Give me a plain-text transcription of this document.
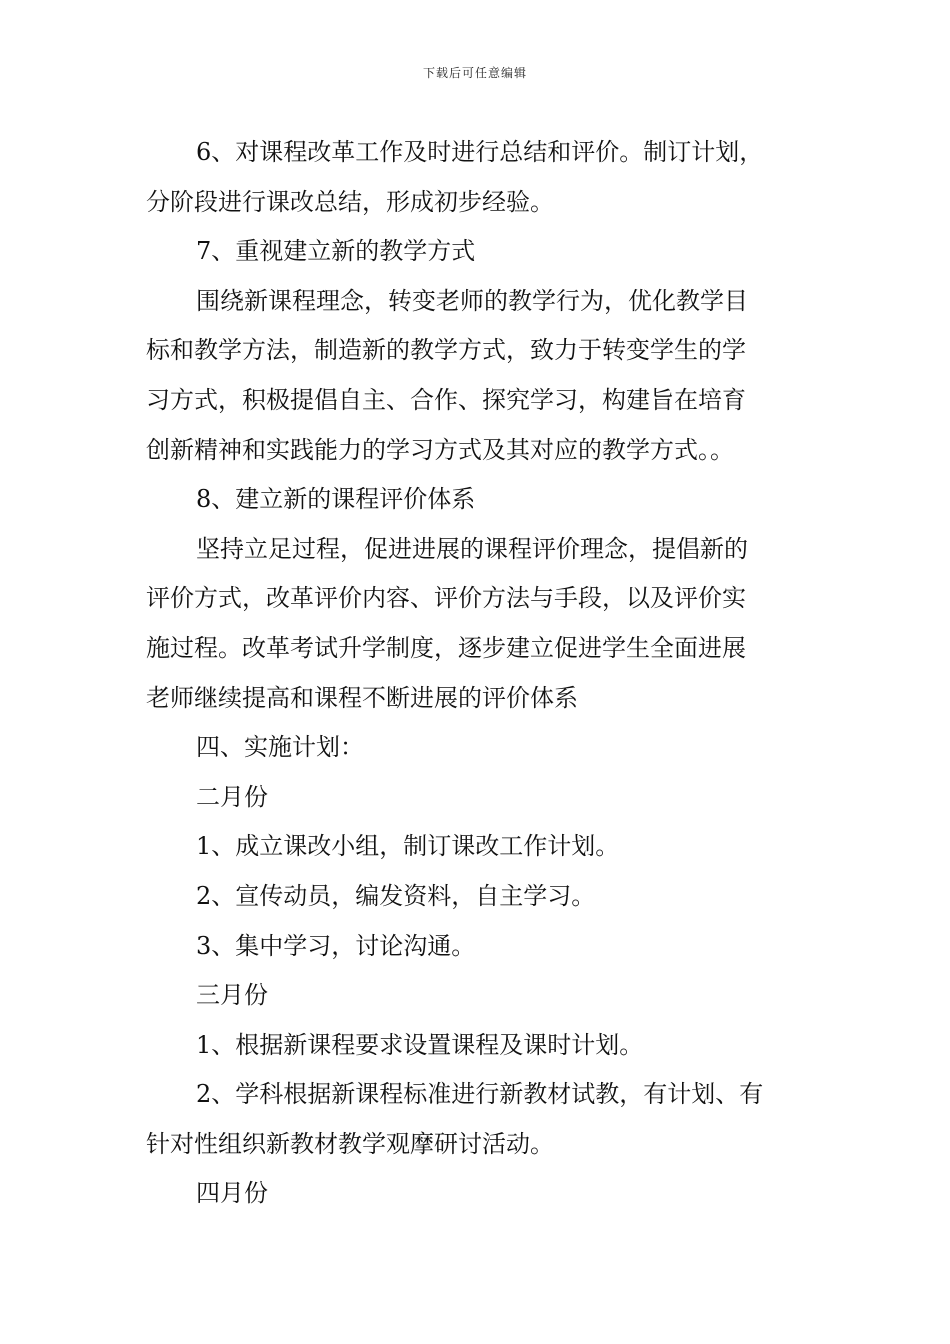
下载后可任意编辑

6、对课程改革工作及时进行总结和评价。制订计划，

分阶段进行课改总结，形成初步经验。

7、重视建立新的教学方式

围绕新课程理念，转变老师的教学行为，优化教学目

标和教学方法，制造新的教学方式，致力于转变学生的学

习方式，积极提倡自主、合作、探究学习，构建旨在培育

创新精神和实践能力的学习方式及其对应的教学方式。。

8、建立新的课程评价体系

坚持立足过程，促进进展的课程评价理念，提倡新的

评价方式，改革评价内容、评价方法与手段，以及评价实

施过程。改革考试升学制度，逐步建立促进学生全面进展

老师继续提高和课程不断进展的评价体系

四、实施计划：

二月份

1、成立课改小组，制订课改工作计划。

2、宣传动员，编发资料，自主学习。

3、集中学习，讨论沟通。

三月份

1、根据新课程要求设置课程及课时计划。

2、学科根据新课程标准进行新教材试教，有计划、有

针对性组织新教材教学观摩研讨活动。

四月份
